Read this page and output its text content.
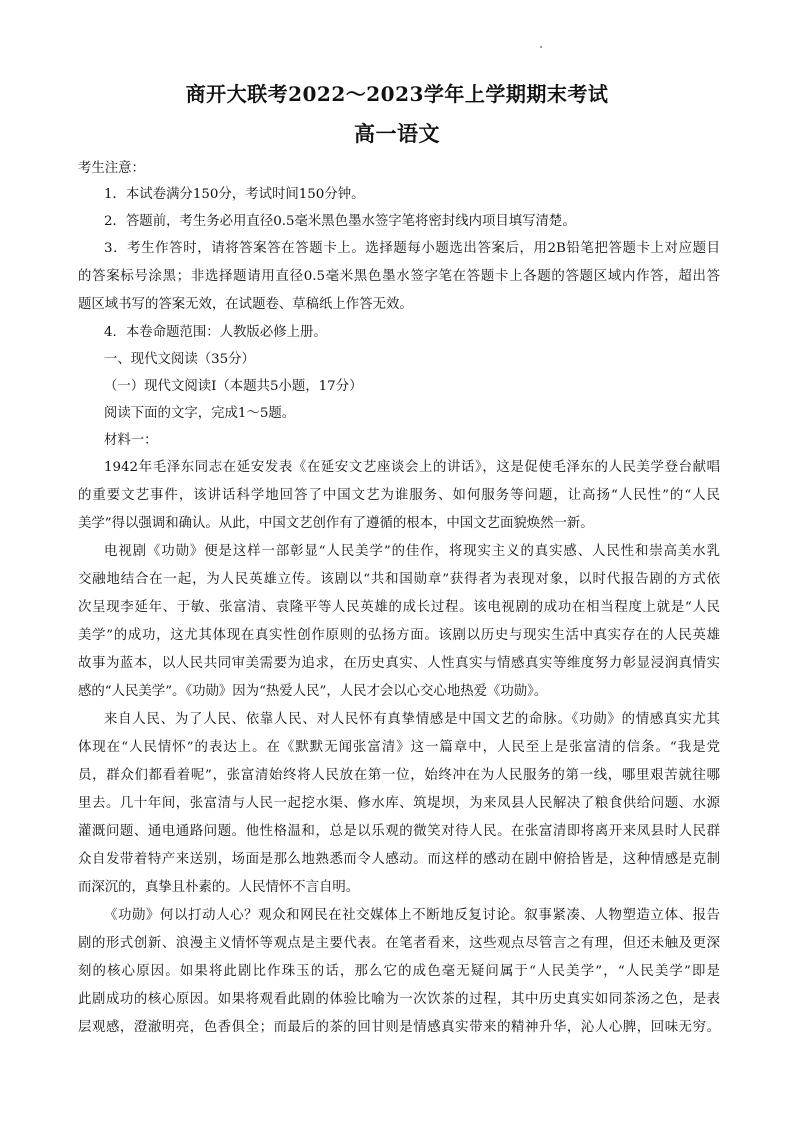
商开大联考2022～2023学年上学期期末考试
高一语文
考生注意：
1．本试卷满分150分，考试时间150分钟。
2．答题前，考生务必用直径0.5毫米黑色墨水签字笔将密封线内项目填写清楚。
3．考生作答时，请将答案答在答题卡上。选择题每小题选出答案后，用2B铅笔把答题卡上对应题目
的答案标号涂黑；非选择题请用直径0.5毫米黑色墨水签字笔在答题卡上各题的答题区域内作答，超出答
题区域书写的答案无效，在试题卷、草稿纸上作答无效。
4．本卷命题范围：人教版必修上册。
一、现代文阅读（35分）
（一）现代文阅读Ⅰ（本题共5小题，17分）
阅读下面的文字，完成1～5题。
材料一：
1942年毛泽东同志在延安发表《在延安文艺座谈会上的讲话》，这是促使毛泽东的人民美学登台献唱
的重要文艺事件，该讲话科学地回答了中国文艺为谁服务、如何服务等问题，让高扬“人民性”的“人民
美学”得以强调和确认。从此，中国文艺创作有了遵循的根本，中国文艺面貌焕然一新。
电视剧《功勋》便是这样一部彰显“人民美学”的佳作，将现实主义的真实感、人民性和崇高美水乳
交融地结合在一起，为人民英雄立传。该剧以“共和国勋章”获得者为表现对象，以时代报告剧的方式依
次呈现李延年、于敏、张富清、袁隆平等人民英雄的成长过程。该电视剧的成功在相当程度上就是“人民
美学”的成功，这尤其体现在真实性创作原则的弘扬方面。该剧以历史与现实生活中真实存在的人民英雄
故事为蓝本，以人民共同审美需要为追求，在历史真实、人性真实与情感真实等维度努力彰显浸润真情实
感的“人民美学”。《功勋》因为“热爱人民”，人民才会以心交心地热爱《功勋》。
来自人民、为了人民、依靠人民、对人民怀有真挚情感是中国文艺的命脉。《功勋》的情感真实尤其
体现在“人民情怀”的表达上。在《默默无闻张富清》这一篇章中，人民至上是张富清的信条。“我是党
员，群众们都看着呢”，张富清始终将人民放在第一位，始终冲在为人民服务的第一线，哪里艰苦就往哪
里去。几十年间，张富清与人民一起挖水渠、修水库、筑堤坝，为来凤县人民解决了粮食供给问题、水源
灌溉问题、通电通路问题。他性格温和，总是以乐观的微笑对待人民。在张富清即将离开来凤县时人民群
众自发带着特产来送别，场面是那么地熟悉而令人感动。而这样的感动在剧中俯拾皆是，这种情感是克制
而深沉的，真挚且朴素的。人民情怀不言自明。
《功勋》何以打动人心？观众和网民在社交媒体上不断地反复讨论。叙事紧凑、人物塑造立体、报告
剧的形式创新、浪漫主义情怀等观点是主要代表。在笔者看来，这些观点尽管言之有理，但还未触及更深
刻的核心原因。如果将此剧比作珠玉的话，那么它的成色毫无疑问属于“人民美学”，“人民美学”即是
此剧成功的核心原因。如果将观看此剧的体验比喻为一次饮茶的过程，其中历史真实如同茶汤之色，是表
层观感，澄澈明亮，色香俱全；而最后的茶的回甘则是情感真实带来的精神升华，沁人心脾，回味无穷。
